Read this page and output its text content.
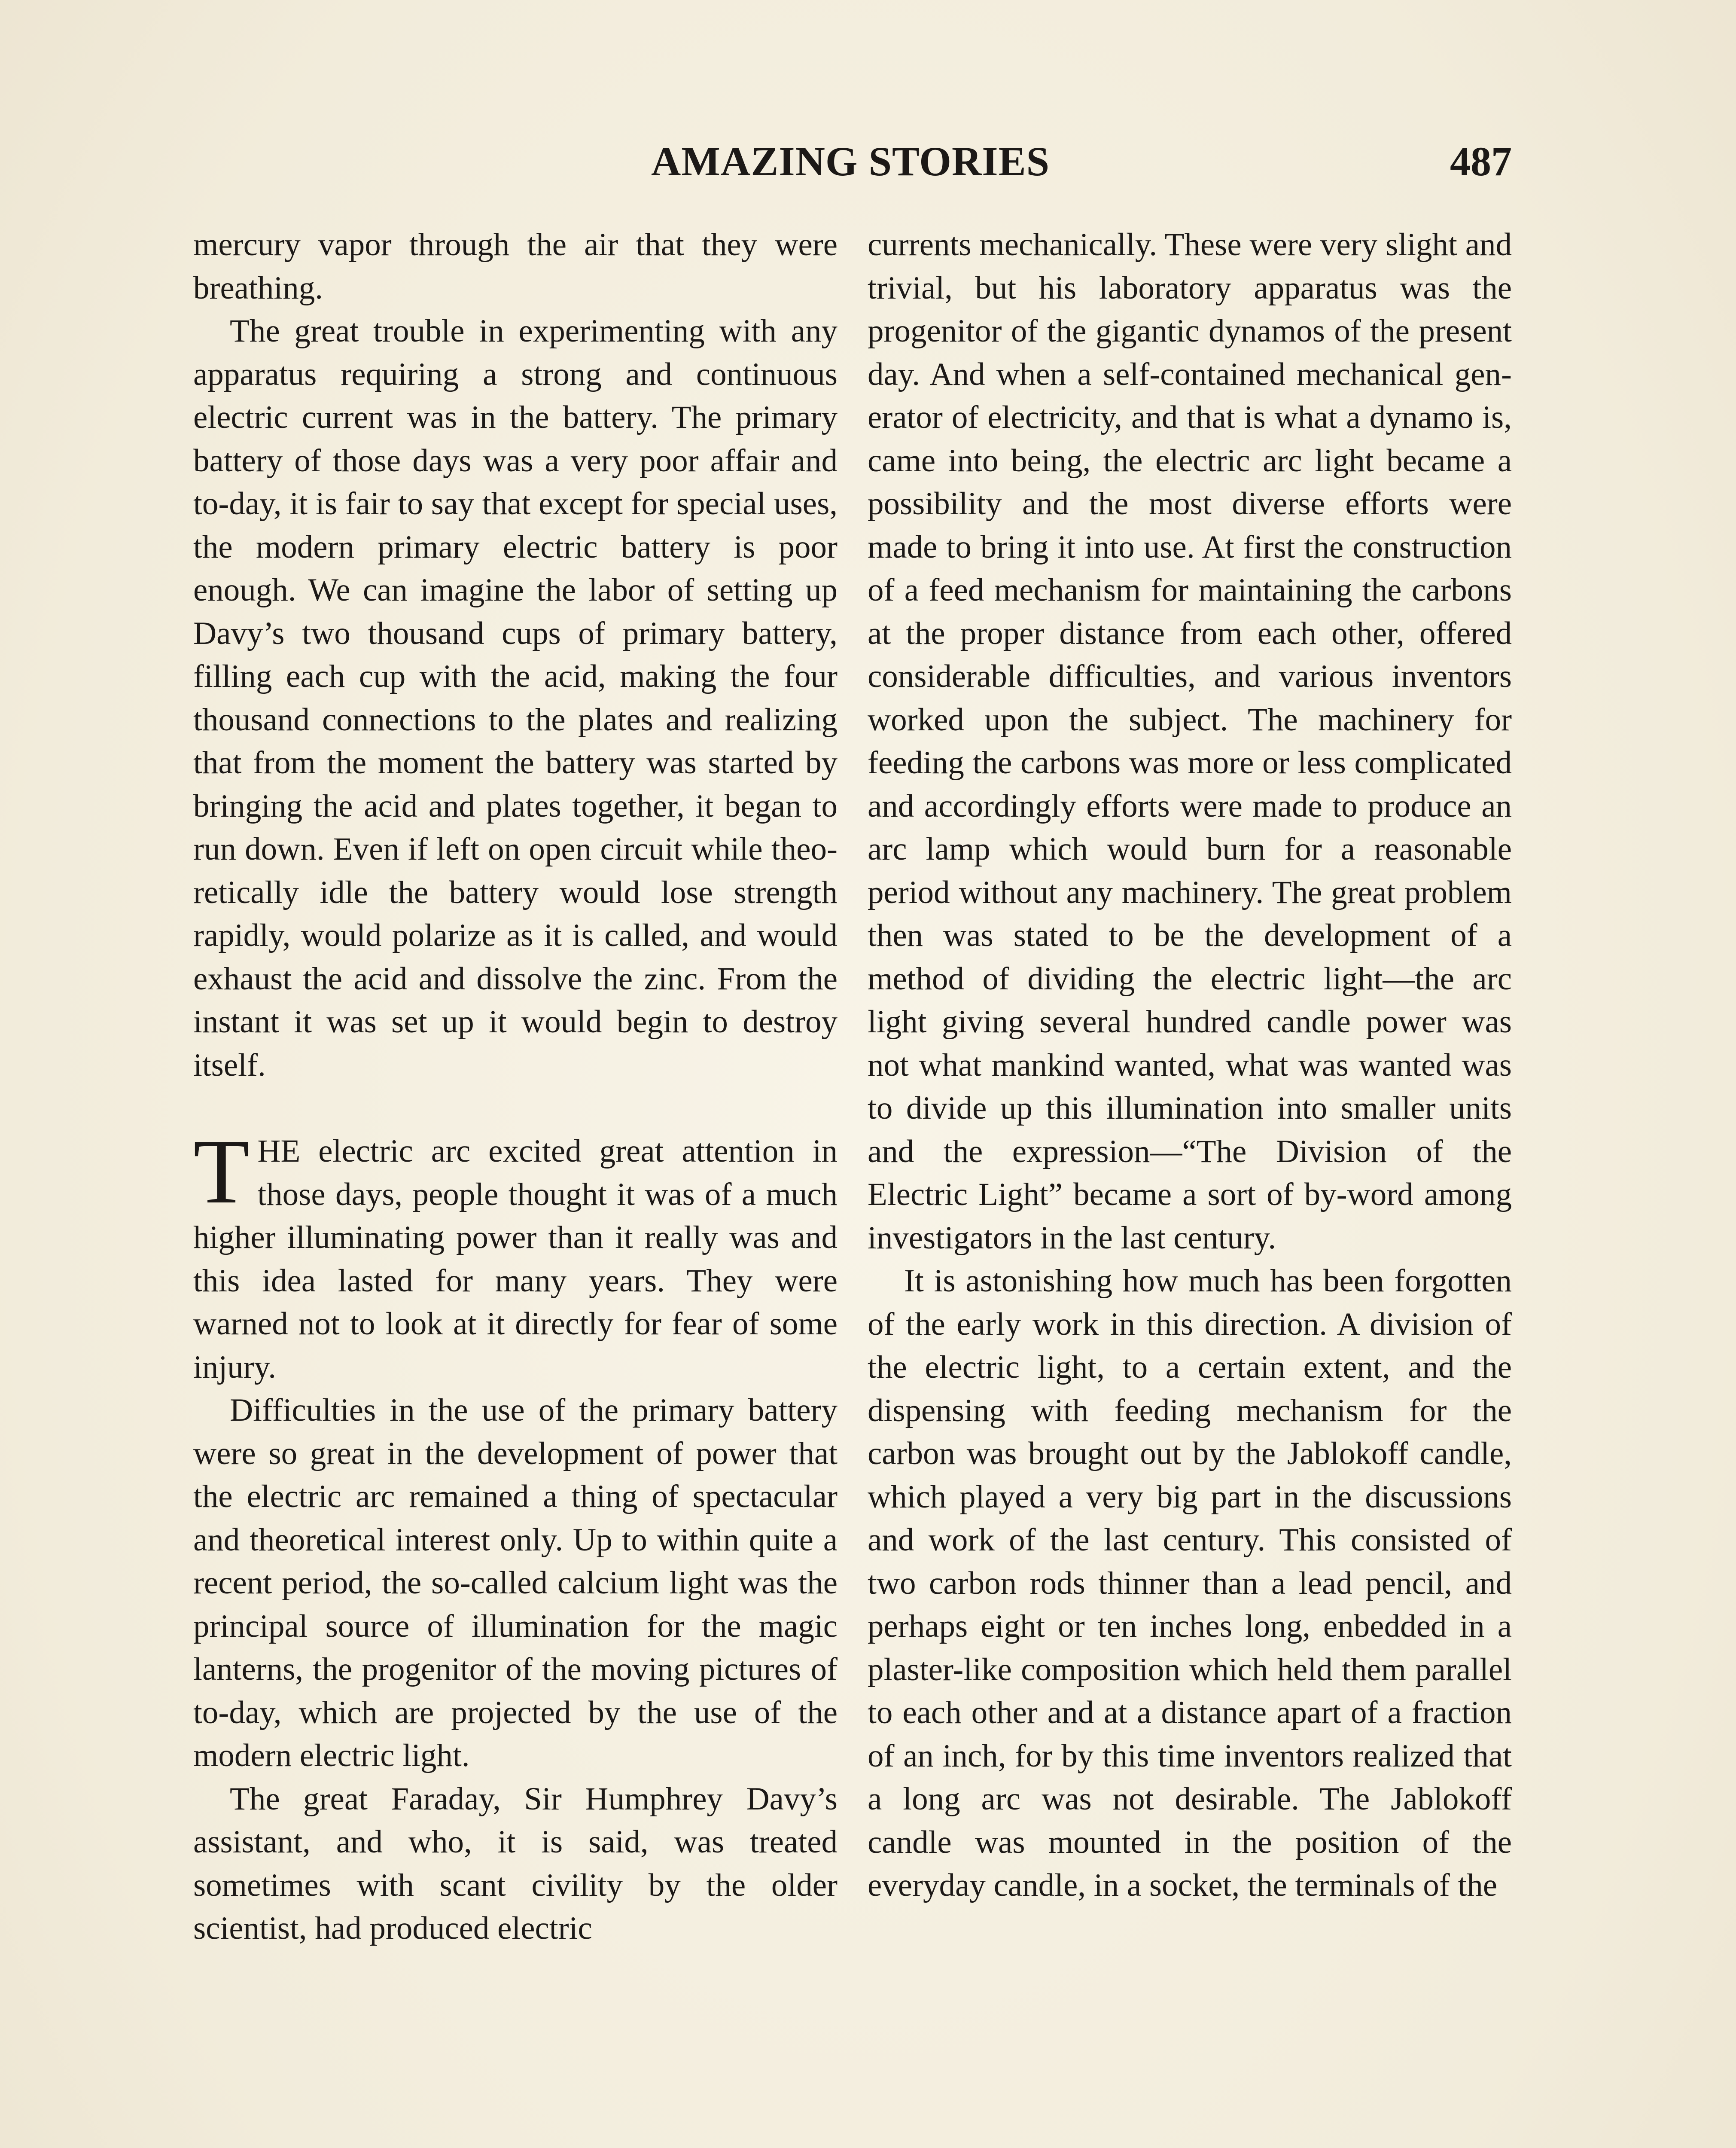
AMAZING STORIES	487

mercury vapor through the air that they were breathing.

The great trouble in experimenting with any apparatus requiring a strong and continuous electric current was in the battery. The primary battery of those days was a very poor affair and to-day, it is fair to say that except for special uses, the modern primary electric battery is poor enough. We can imagine the labor of setting up Davy’s two thousand cups of primary battery, filling each cup with the acid, making the four thousand connections to the plates and realizing that from the moment the battery was started by bringing the acid and plates together, it began to run down. Even if left on open circuit while theoretically idle the battery would lose strength rapidly, would polarize as it is called, and would exhaust the acid and dissolve the zinc. From the instant it was set up it would begin to destroy itself.

THE electric arc excited great attention in those days, people thought it was of a much higher illuminating power than it really was and this idea lasted for many years. They were warned not to look at it directly for fear of some injury.

Difficulties in the use of the primary battery were so great in the development of power that the electric arc remained a thing of spectacular and theoretical interest only. Up to within quite a recent period, the so-called calcium light was the principal source of illumination for the magic lanterns, the progenitor of the moving pictures of to-day, which are projected by the use of the modern electric light.

The great Faraday, Sir Humphrey Davy’s assistant, and who, it is said, was treated sometimes with scant civility by the older scientist, had produced electric

currents mechanically. These were very slight and trivial, but his laboratory apparatus was the progenitor of the gigantic dynamos of the present day. And when a self-contained mechanical generator of electricity, and that is what a dynamo is, came into being, the electric arc light became a possibility and the most diverse efforts were made to bring it into use. At first the construction of a feed mechanism for maintaining the carbons at the proper distance from each other, offered considerable difficulties, and various inventors worked upon the subject. The machinery for feeding the carbons was more or less complicated and accordingly efforts were made to produce an arc lamp which would burn for a reasonable period without any machinery. The great problem then was stated to be the development of a method of dividing the electric light—the arc light giving several hundred candle power was not what mankind wanted, what was wanted was to divide up this illumination into smaller units and the expression—“The Division of the Electric Light” became a sort of by-word among investigators in the last century.

It is astonishing how much has been forgotten of the early work in this direction. A division of the electric light, to a certain extent, and the dispensing with feeding mechanism for the carbon was brought out by the Jablokoff candle, which played a very big part in the discussions and work of the last century. This consisted of two carbon rods thinner than a lead pencil, and perhaps eight or ten inches long, enbedded in a plaster-like composition which held them parallel to each other and at a distance apart of a fraction of an inch, for by this time inventors realized that a long arc was not desirable. The Jablokoff candle was mounted in the position of the everyday candle, in a socket, the terminals of the
